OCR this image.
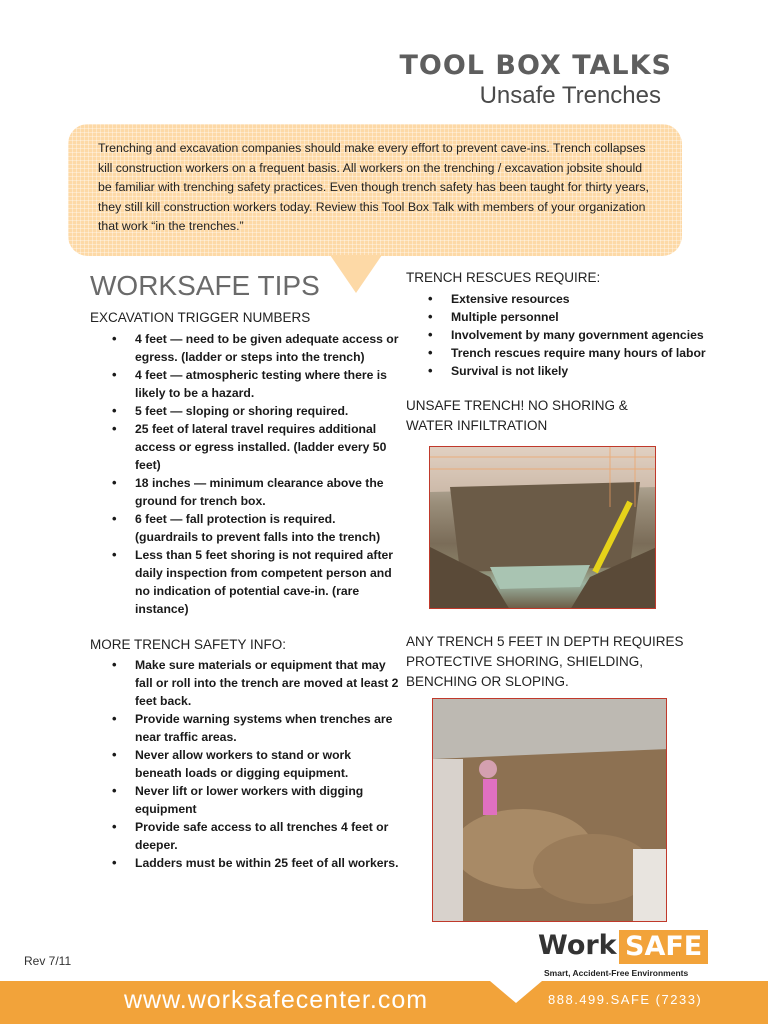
TOOL BOX TALKS
Unsafe Trenches
Trenching and excavation companies should make every effort to prevent cave-ins. Trench collapses kill construction workers on a frequent basis. All workers on the trenching / excavation jobsite should be familiar with trenching safety practices. Even though trench safety has been taught for thirty years, they still kill construction workers today. Review this Tool Box Talk with members of your organization that work “in the trenches.”
WORKSAFE TIPS
EXCAVATION TRIGGER NUMBERS
• 4 feet — need to be given adequate access or egress. (ladder or steps into the trench)
• 4 feet — atmospheric testing where there is likely to be a hazard.
• 5 feet — sloping or shoring required.
• 25 feet of lateral travel requires additional access or egress installed. (ladder every 50 feet)
• 18 inches — minimum clearance above the ground for trench box.
• 6 feet — fall protection is required. (guardrails to prevent falls into the trench)
• Less than 5 feet shoring is not required after daily inspection from competent person and no indication of potential cave-in. (rare instance)
MORE TRENCH SAFETY INFO:
• Make sure materials or equipment that may fall or roll into the trench are moved at least 2 feet back.
• Provide warning systems when trenches are near traffic areas.
• Never allow workers to stand or work beneath loads or digging equipment.
• Never lift or lower workers with digging equipment
• Provide safe access to all trenches 4 feet or deeper.
• Ladders must be within 25 feet of all workers.
TRENCH RESCUES REQUIRE:
• Extensive resources
• Multiple personnel
• Involvement by many government agencies
• Trench rescues require many hours of labor
• Survival is not likely
UNSAFE TRENCH! NO SHORING & WATER INFILTRATION
ANY TRENCH 5 FEET IN DEPTH REQUIRES PROTECTIVE SHORING, SHIELDING, BENCHING OR SLOPING.
Rev 7/11	Work SAFE
Smart, Accident-Free Environments
www.worksafecenter.com	888.499.SAFE (7233)
